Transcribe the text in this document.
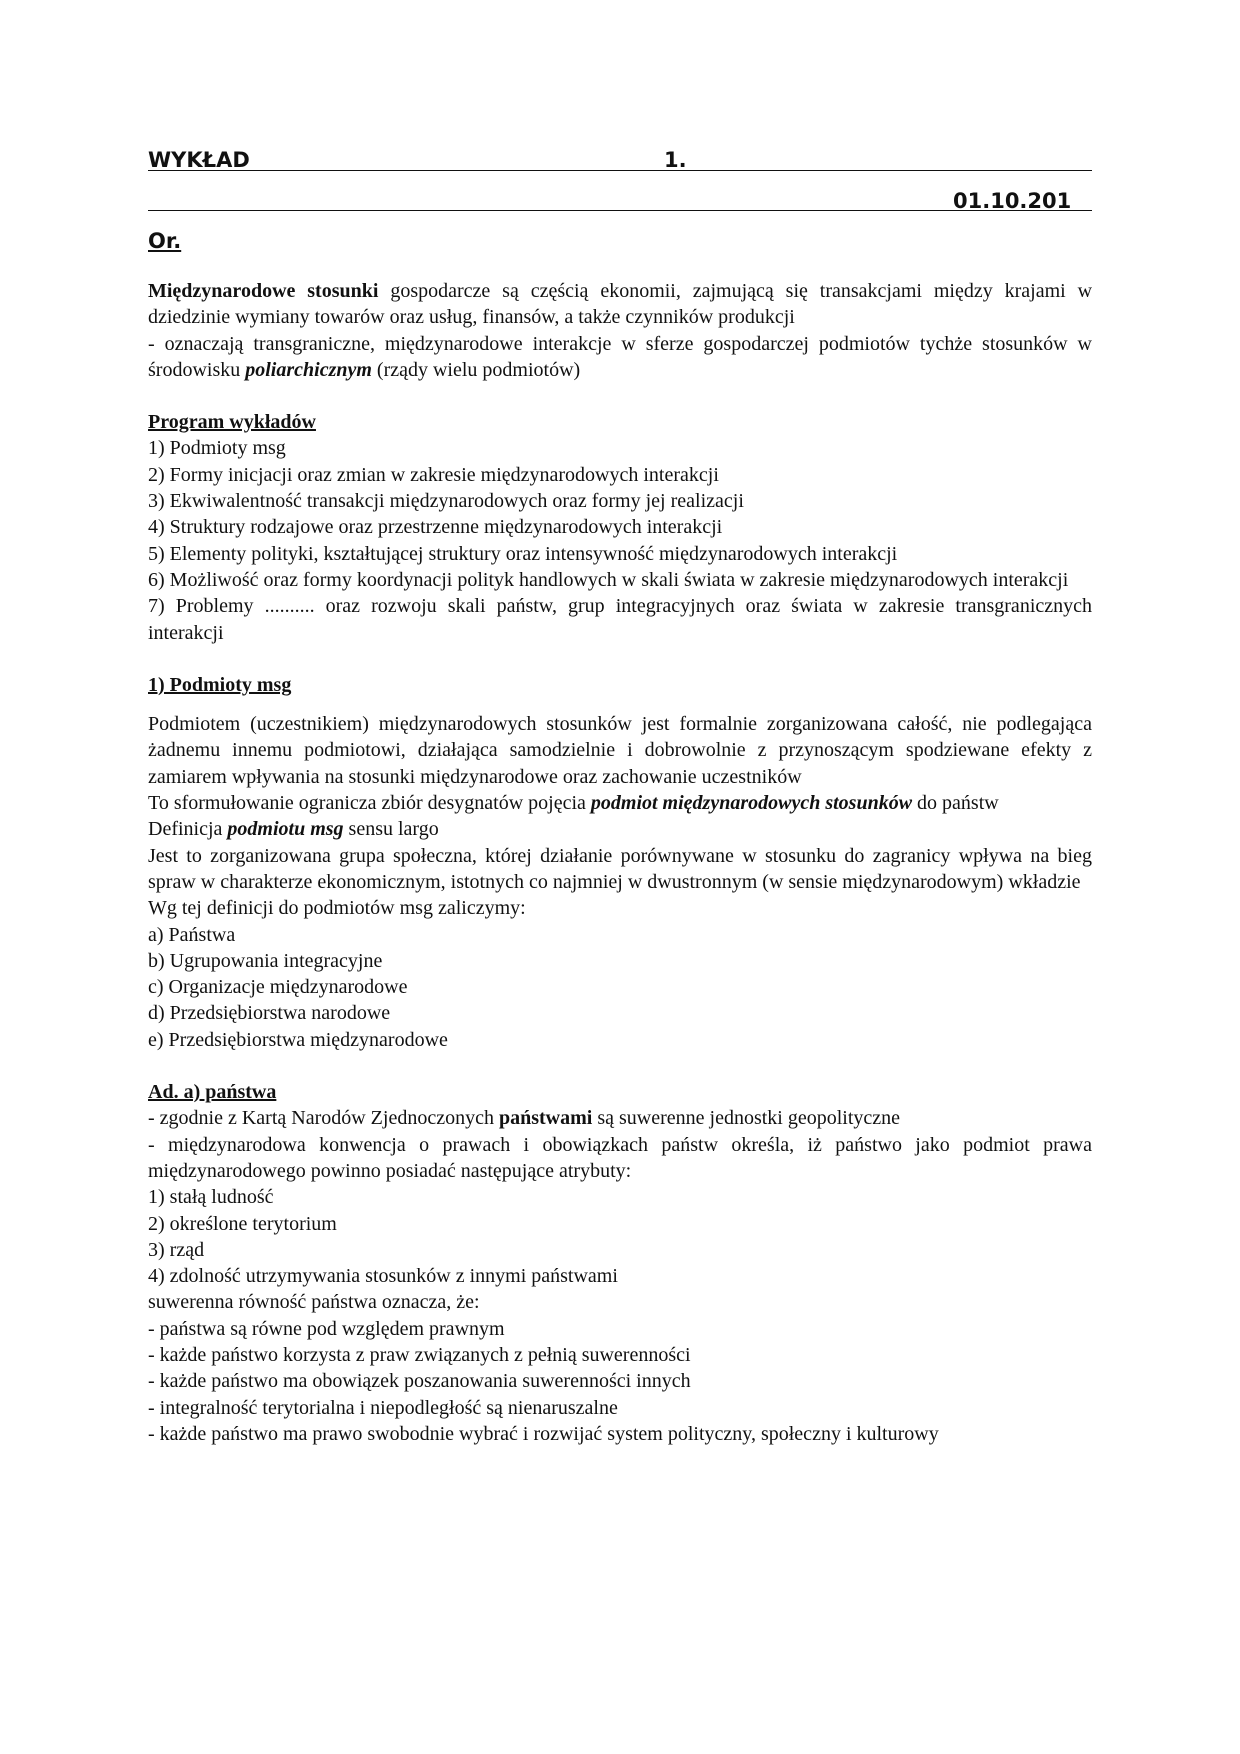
WYKŁAD	1.
01.10.201
Or.

Międzynarodowe stosunki gospodarcze są częścią ekonomii, zajmującą się transakcjami między krajami w dziedzinie wymiany towarów oraz usług, finansów, a także czynników produkcji

- oznaczają transgraniczne, międzynarodowe interakcje w sferze gospodarczej podmiotów tychże stosunków w środowisku poliarchicznym (rządy wielu podmiotów)

Program wykładów

1) Podmioty msg

2) Formy inicjacji oraz zmian w zakresie międzynarodowych interakcji

3) Ekwiwalentność transakcji międzynarodowych oraz formy jej realizacji

4) Struktury rodzajowe oraz przestrzenne międzynarodowych interakcji

5) Elementy polityki, kształtującej struktury oraz intensywność międzynarodowych interakcji

6) Możliwość oraz formy koordynacji polityk handlowych w skali świata w zakresie międzynarodowych interakcji

7) Problemy .......... oraz rozwoju skali państw, grup integracyjnych oraz świata w zakresie transgranicznych interakcji

1) Podmioty msg

Podmiotem (uczestnikiem) międzynarodowych stosunków jest formalnie zorganizowana całość, nie podlegająca żadnemu innemu podmiotowi, działająca samodzielnie i dobrowolnie z przynoszącym spodziewane efekty z zamiarem wpływania na stosunki międzynarodowe oraz zachowanie uczestników

To sformułowanie ogranicza zbiór desygnatów pojęcia podmiot międzynarodowych stosunków do państw

Definicja podmiotu msg sensu largo

Jest to zorganizowana grupa społeczna, której działanie porównywane w stosunku do zagranicy wpływa na bieg spraw w charakterze ekonomicznym, istotnych co najmniej w dwustronnym (w sensie międzynarodowym) wkładzie

Wg tej definicji do podmiotów msg zaliczymy:

a) Państwa

b) Ugrupowania integracyjne

c) Organizacje międzynarodowe

d) Przedsiębiorstwa narodowe

e) Przedsiębiorstwa międzynarodowe

Ad. a) państwa

- zgodnie z Kartą Narodów Zjednoczonych państwami są suwerenne jednostki geopolityczne

- międzynarodowa konwencja o prawach i obowiązkach państw określa, iż państwo jako podmiot prawa międzynarodowego powinno posiadać następujące atrybuty:

1) stałą ludność

2) określone terytorium

3) rząd

4) zdolność utrzymywania stosunków z innymi państwami

suwerenna równość państwa oznacza, że:

- państwa są równe pod względem prawnym

- każde państwo korzysta z praw związanych z pełnią suwerenności

- każde państwo ma obowiązek poszanowania suwerenności innych

- integralność terytorialna i niepodległość są nienaruszalne

- każde państwo ma prawo swobodnie wybrać i rozwijać system polityczny, społeczny i kulturowy
